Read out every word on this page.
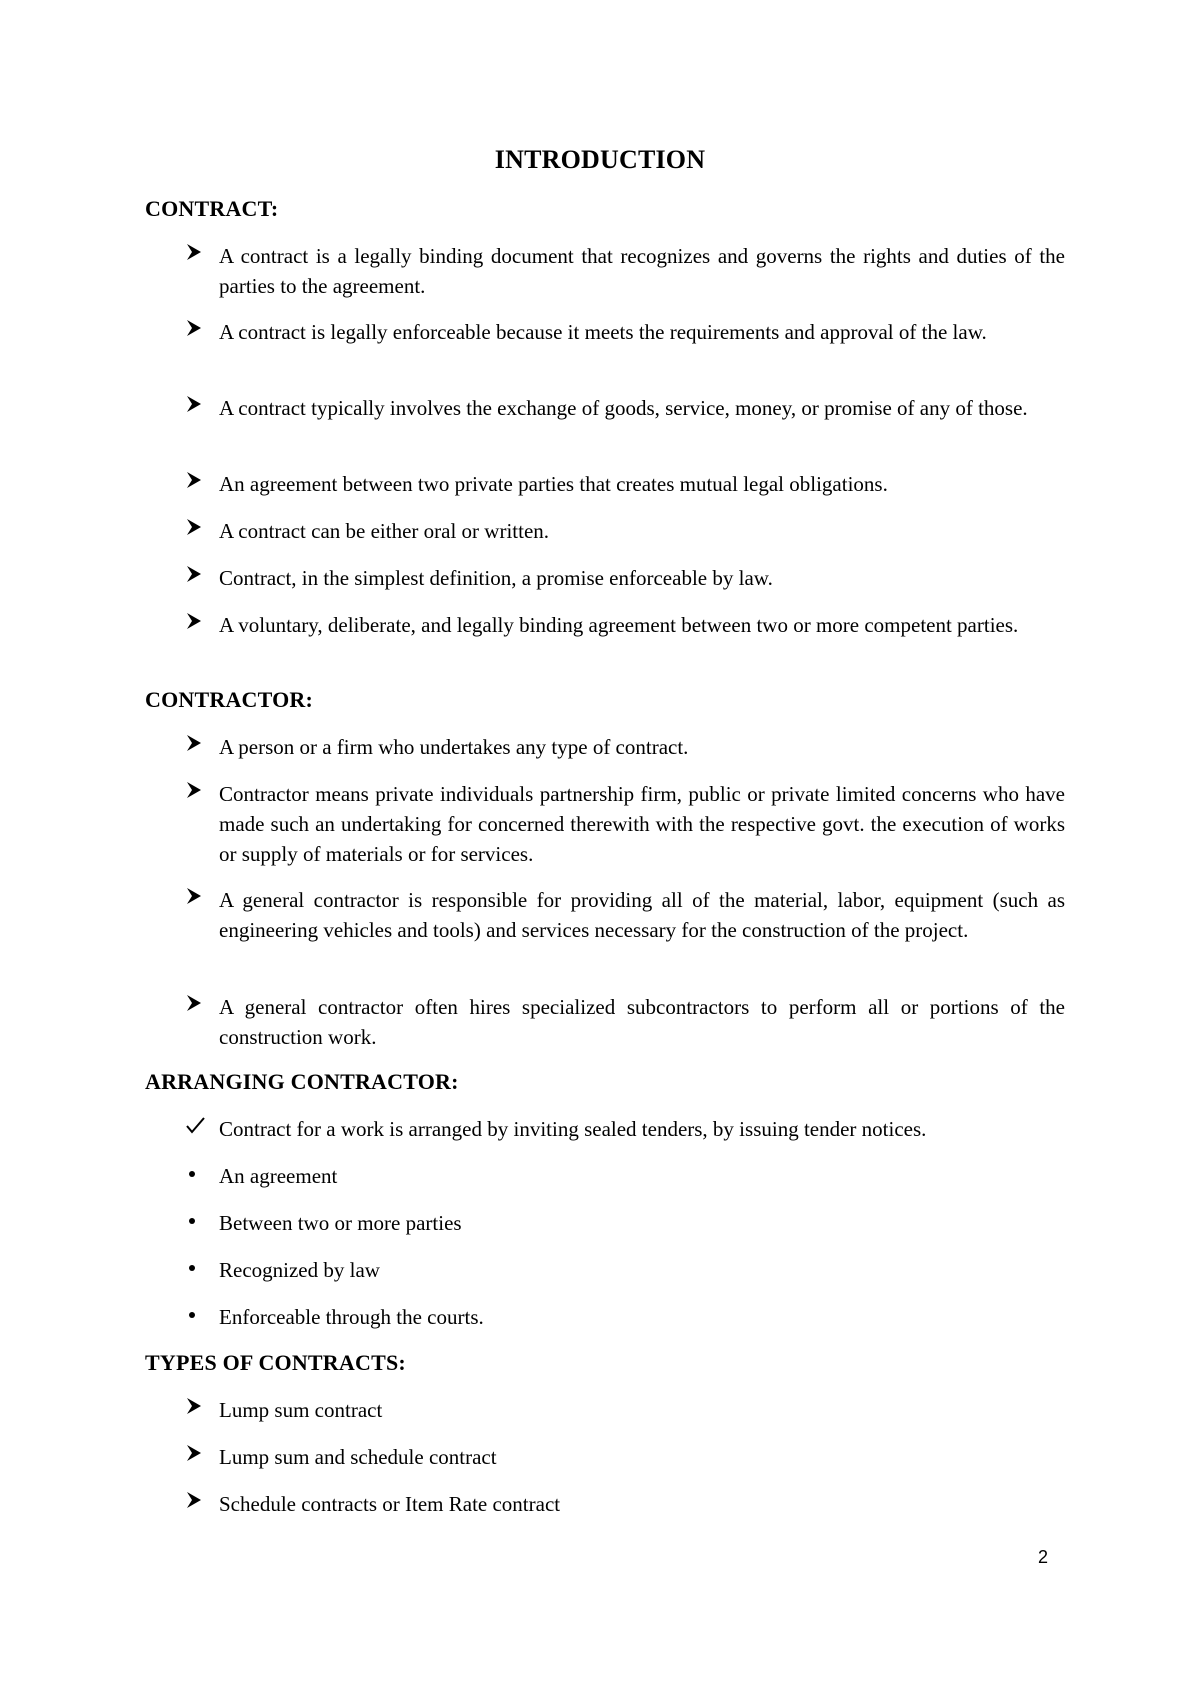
INTRODUCTION
CONTRACT:
A contract is a legally binding document that recognizes and governs the rights and duties of the parties to the agreement.
A contract is legally enforceable because it meets the requirements and approval of the law.
A contract typically involves the exchange of goods, service, money, or promise of any of those.
An agreement between two private parties that creates mutual legal obligations.
A contract can be either oral or written.
Contract, in the simplest definition, a promise enforceable by law.
A voluntary, deliberate, and legally binding agreement between two or more competent parties.
CONTRACTOR:
A person or a firm who undertakes any type of contract.
Contractor means private individuals partnership firm, public or private limited concerns who have made such an undertaking for concerned therewith with the respective govt. the execution of works or supply of materials or for services.
A general contractor is responsible for providing all of the material, labor, equipment (such as engineering vehicles and tools) and services necessary for the construction of the project.
A general contractor often hires specialized subcontractors to perform all or portions of the construction work.
ARRANGING CONTRACTOR:
Contract for a work is arranged by inviting sealed tenders, by issuing tender notices.
An agreement
Between two or more parties
Recognized by law
Enforceable through the courts.
TYPES OF CONTRACTS:
Lump sum contract
Lump sum and schedule contract
Schedule contracts or Item Rate contract
2
